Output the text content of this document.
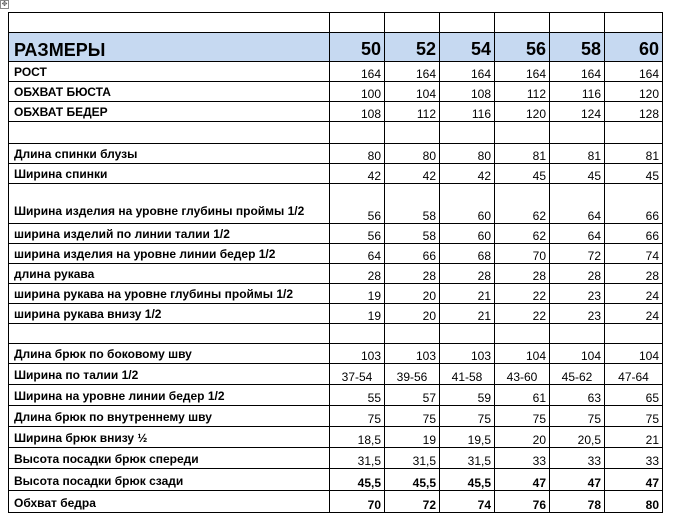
✥

РАЗМЕРЫ	50	52	54	56	58	60
РОСТ	164	164	164	164	164	164
ОБХВАТ БЮСТА	100	104	108	112	116	120
ОБХВАТ БЕДЕР	108	112	116	120	124	128

Длина спинки блузы	80	80	80	81	81	81
Ширина спинки	42	42	42	45	45	45
Ширина изделия на уровне глубины проймы 1/2	56	58	60	62	64	66
ширина изделий по линии талии 1/2	56	58	60	62	64	66
ширина изделия на уровне линии бедер 1/2	64	66	68	70	72	74
длина рукава	28	28	28	28	28	28
ширина рукава на уровне глубины проймы 1/2	19	20	21	22	23	24
ширина рукава внизу 1/2	19	20	21	22	23	24

Длина брюк по боковому шву	103	103	103	104	104	104
Ширина по талии 1/2	37-54	39-56	41-58	43-60	45-62	47-64
Ширина на уровне линии бедер 1/2	55	57	59	61	63	65
Длина брюк по внутреннему шву	75	75	75	75	75	75
Ширина брюк внизу ½	18,5	19	19,5	20	20,5	21
Высота посадки брюк спереди	31,5	31,5	31,5	33	33	33
Высота посадки брюк сзади	45,5	45,5	45,5	47	47	47
Обхват бедра	70	72	74	76	78	80
